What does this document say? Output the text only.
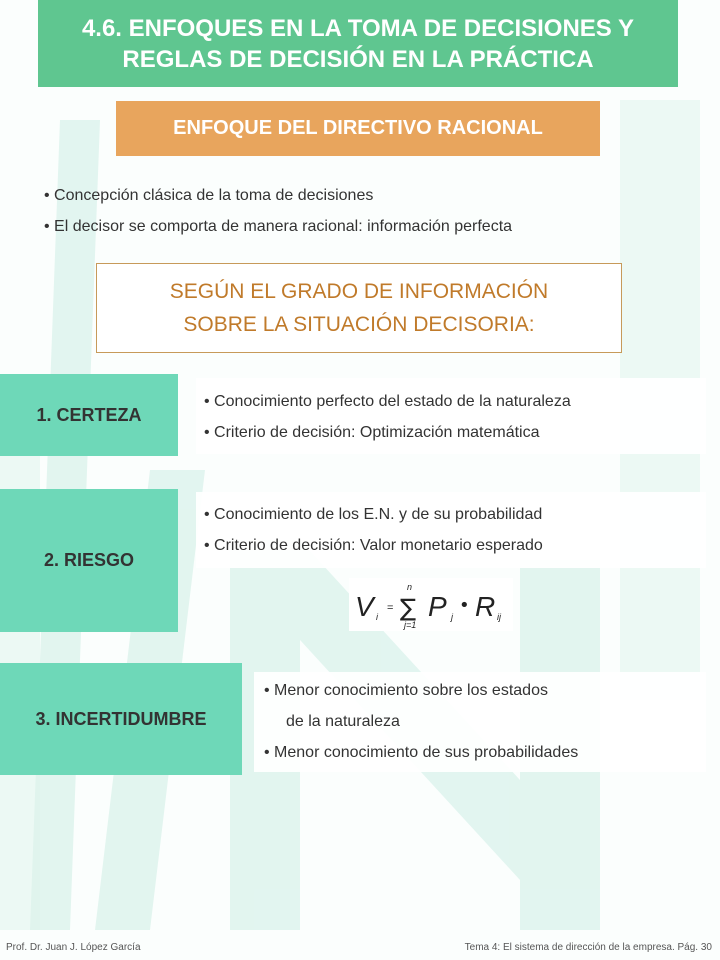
4.6. ENFOQUES EN LA TOMA DE DECISIONES Y
REGLAS DE DECISIÓN EN LA PRÁCTICA
ENFOQUE DEL DIRECTIVO RACIONAL
• Concepción clásica de la toma de decisiones
• El decisor se comporta de manera racional: información perfecta
SEGÚN EL GRADO DE INFORMACIÓN
SOBRE LA SITUACIÓN DECISORIA:
1. CERTEZA
• Conocimiento perfecto del estado de la naturaleza
• Criterio de decisión: Optimización matemática
2. RIESGO
• Conocimiento de los E.N. y de su probabilidad
• Criterio de decisión: Valor monetario esperado
V i
=
n
∑
j=1
P j
• R ij
3. INCERTIDUMBRE
• Menor conocimiento sobre los estados
de la naturaleza
• Menor conocimiento de sus probabilidades
Prof. Dr. Juan J. López García	Tema 4: El sistema de dirección de la empresa. Pág. 30
